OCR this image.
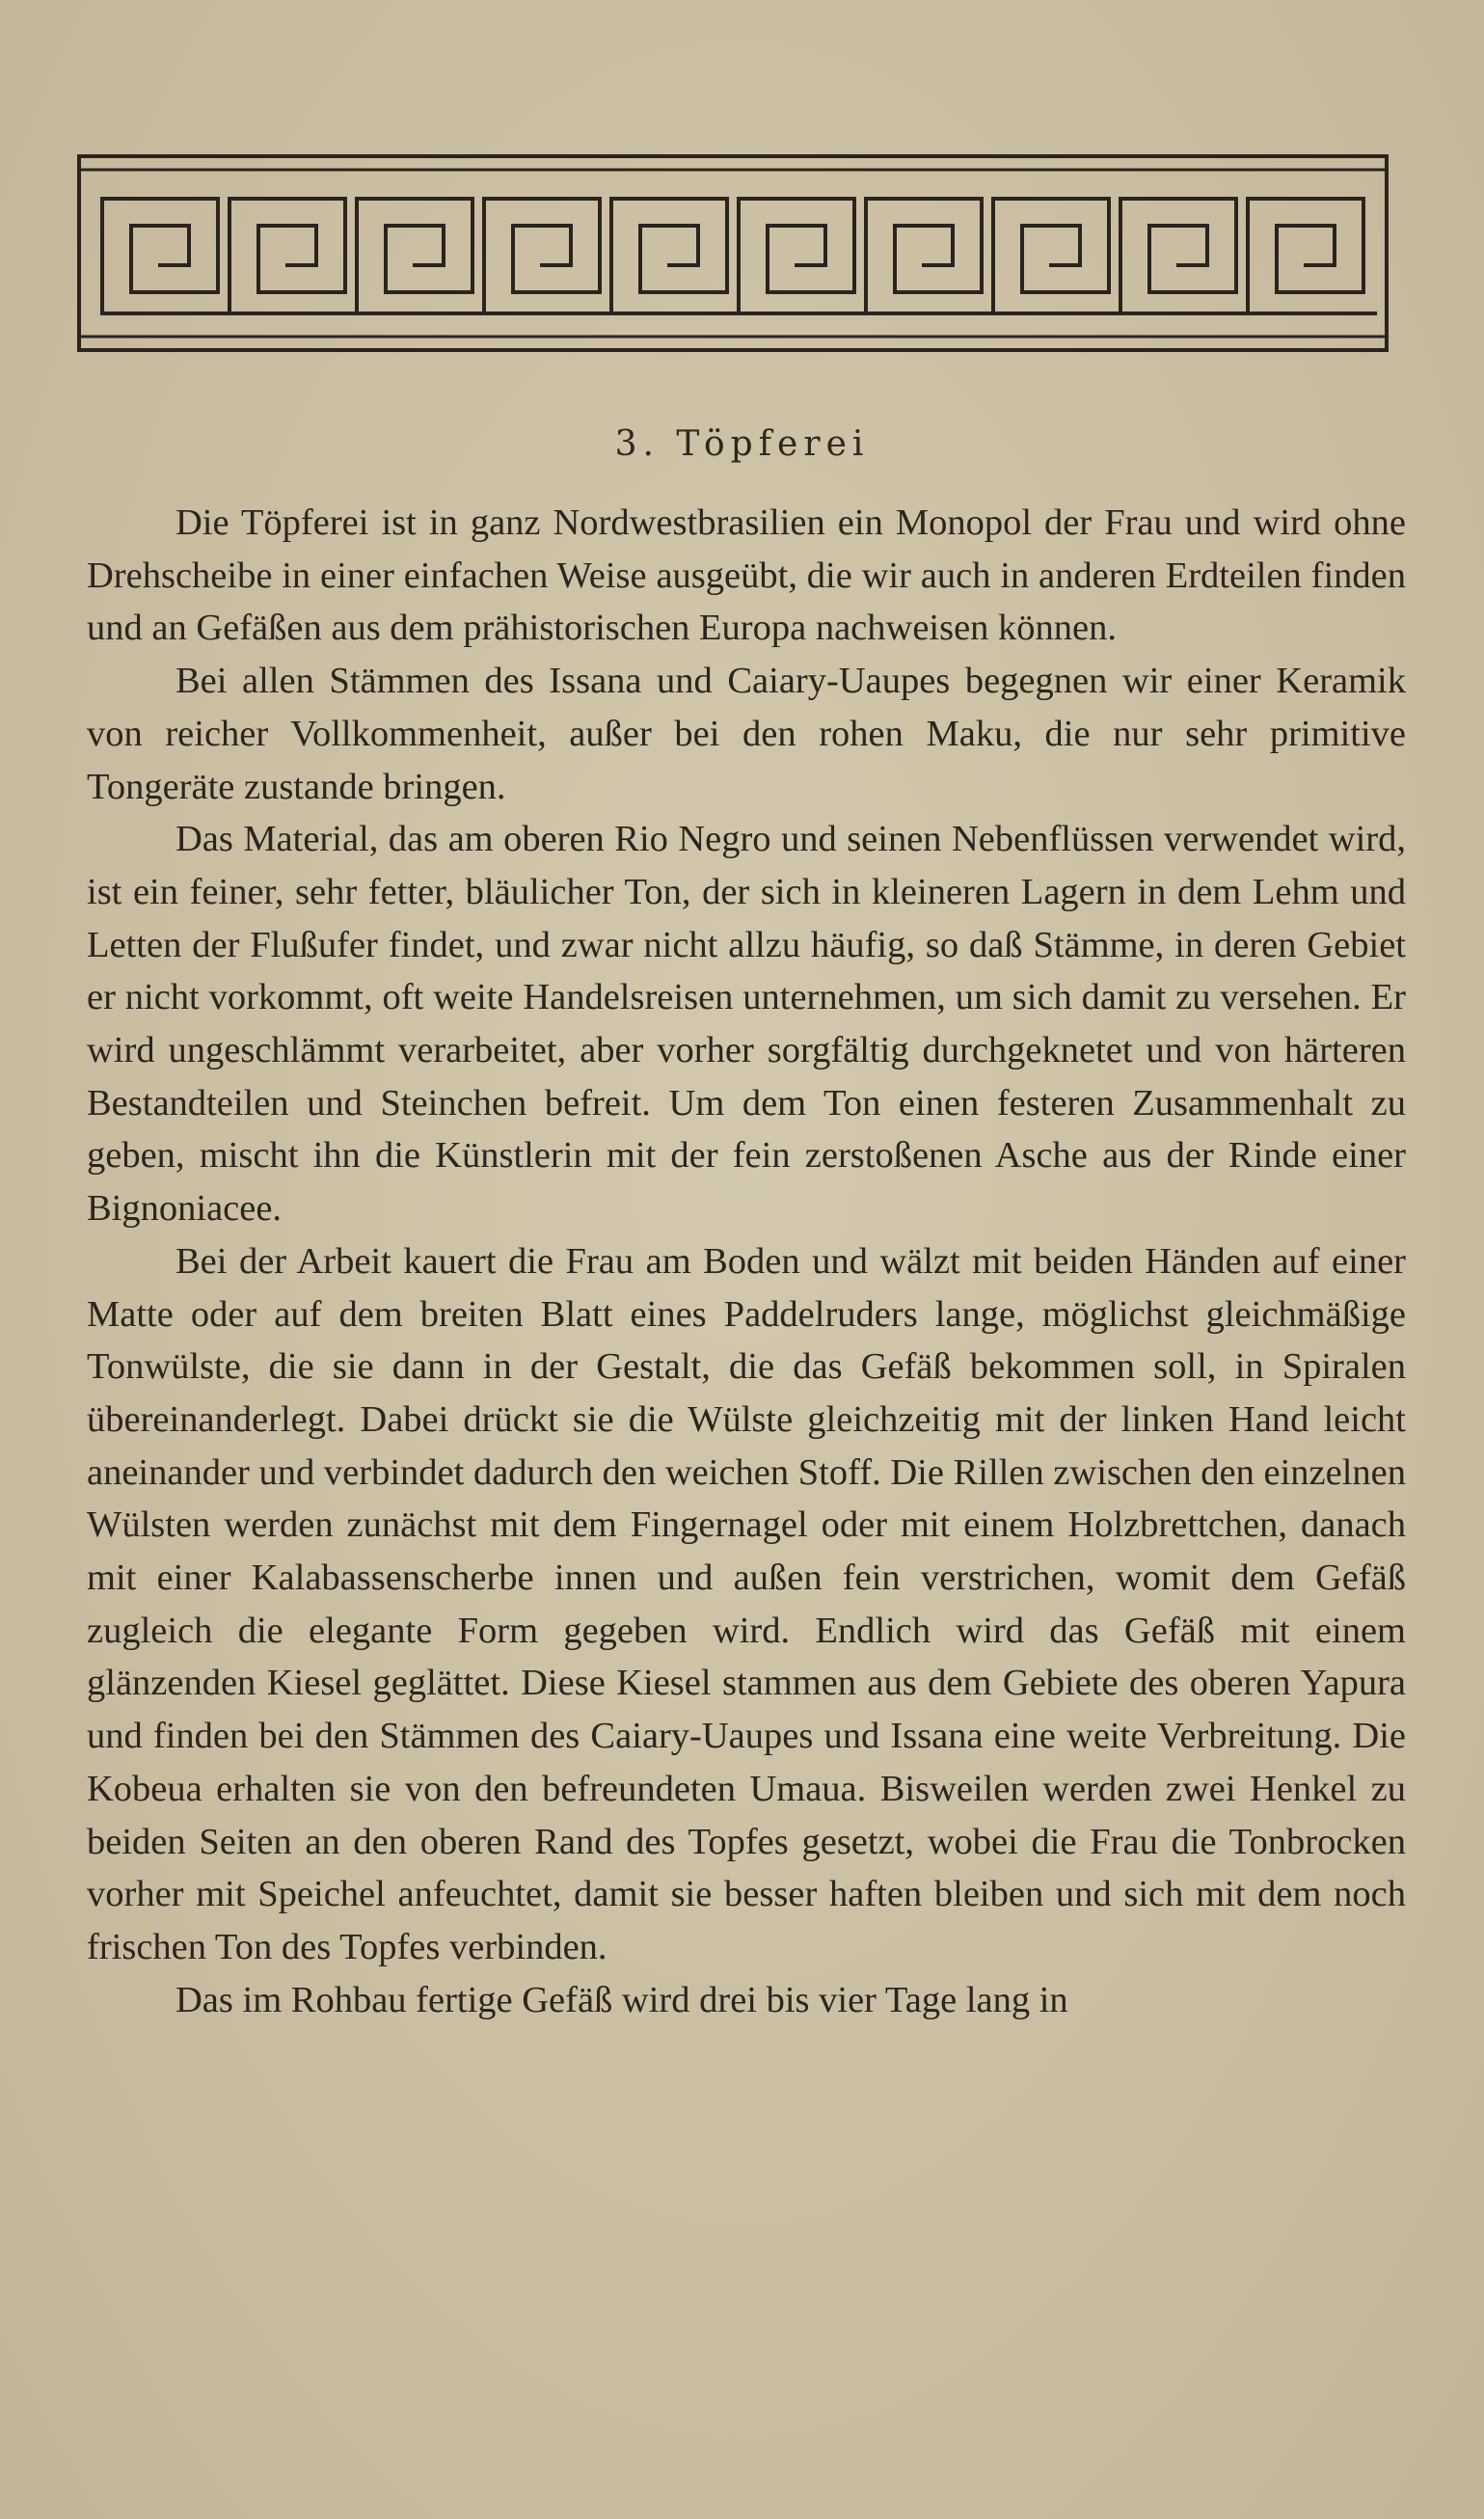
3. Töpferei

Die Töpferei ist in ganz Nordwestbrasilien ein Monopol der Frau und wird ohne Drehscheibe in einer einfachen Weise ausgeübt, die wir auch in anderen Erdteilen finden und an Gefäßen aus dem prähistorischen Europa nachweisen können.

Bei allen Stämmen des Issana und Caiary-Uaupes begegnen wir einer Keramik von reicher Vollkommenheit, außer bei den rohen Maku, die nur sehr primitive Tongeräte zustande bringen.

Das Material, das am oberen Rio Negro und seinen Nebenflüssen verwendet wird, ist ein feiner, sehr fetter, bläulicher Ton, der sich in kleineren Lagern in dem Lehm und Letten der Flußufer findet, und zwar nicht allzu häufig, so daß Stämme, in deren Gebiet er nicht vorkommt, oft weite Handelsreisen unternehmen, um sich damit zu versehen. Er wird ungeschlämmt verarbeitet, aber vorher sorgfältig durchgeknetet und von härteren Bestandteilen und Steinchen befreit. Um dem Ton einen festeren Zusammenhalt zu geben, mischt ihn die Künstlerin mit der fein zerstoßenen Asche aus der Rinde einer Bignoniacee.

Bei der Arbeit kauert die Frau am Boden und wälzt mit beiden Händen auf einer Matte oder auf dem breiten Blatt eines Paddelruders lange, möglichst gleichmäßige Tonwülste, die sie dann in der Gestalt, die das Gefäß bekommen soll, in Spiralen übereinanderlegt. Dabei drückt sie die Wülste gleichzeitig mit der linken Hand leicht aneinander und verbindet dadurch den weichen Stoff. Die Rillen zwischen den einzelnen Wülsten werden zunächst mit dem Fingernagel oder mit einem Holzbrettchen, danach mit einer Kalabassenscherbe innen und außen fein verstrichen, womit dem Gefäß zugleich die elegante Form gegeben wird. Endlich wird das Gefäß mit einem glänzenden Kiesel geglättet. Diese Kiesel stammen aus dem Gebiete des oberen Yapura und finden bei den Stämmen des Caiary-Uaupes und Issana eine weite Verbreitung. Die Kobeua erhalten sie von den befreundeten Umaua. Bisweilen werden zwei Henkel zu beiden Seiten an den oberen Rand des Topfes gesetzt, wobei die Frau die Tonbrocken vorher mit Speichel anfeuchtet, damit sie besser haften bleiben und sich mit dem noch frischen Ton des Topfes verbinden.

Das im Rohbau fertige Gefäß wird drei bis vier Tage lang in
